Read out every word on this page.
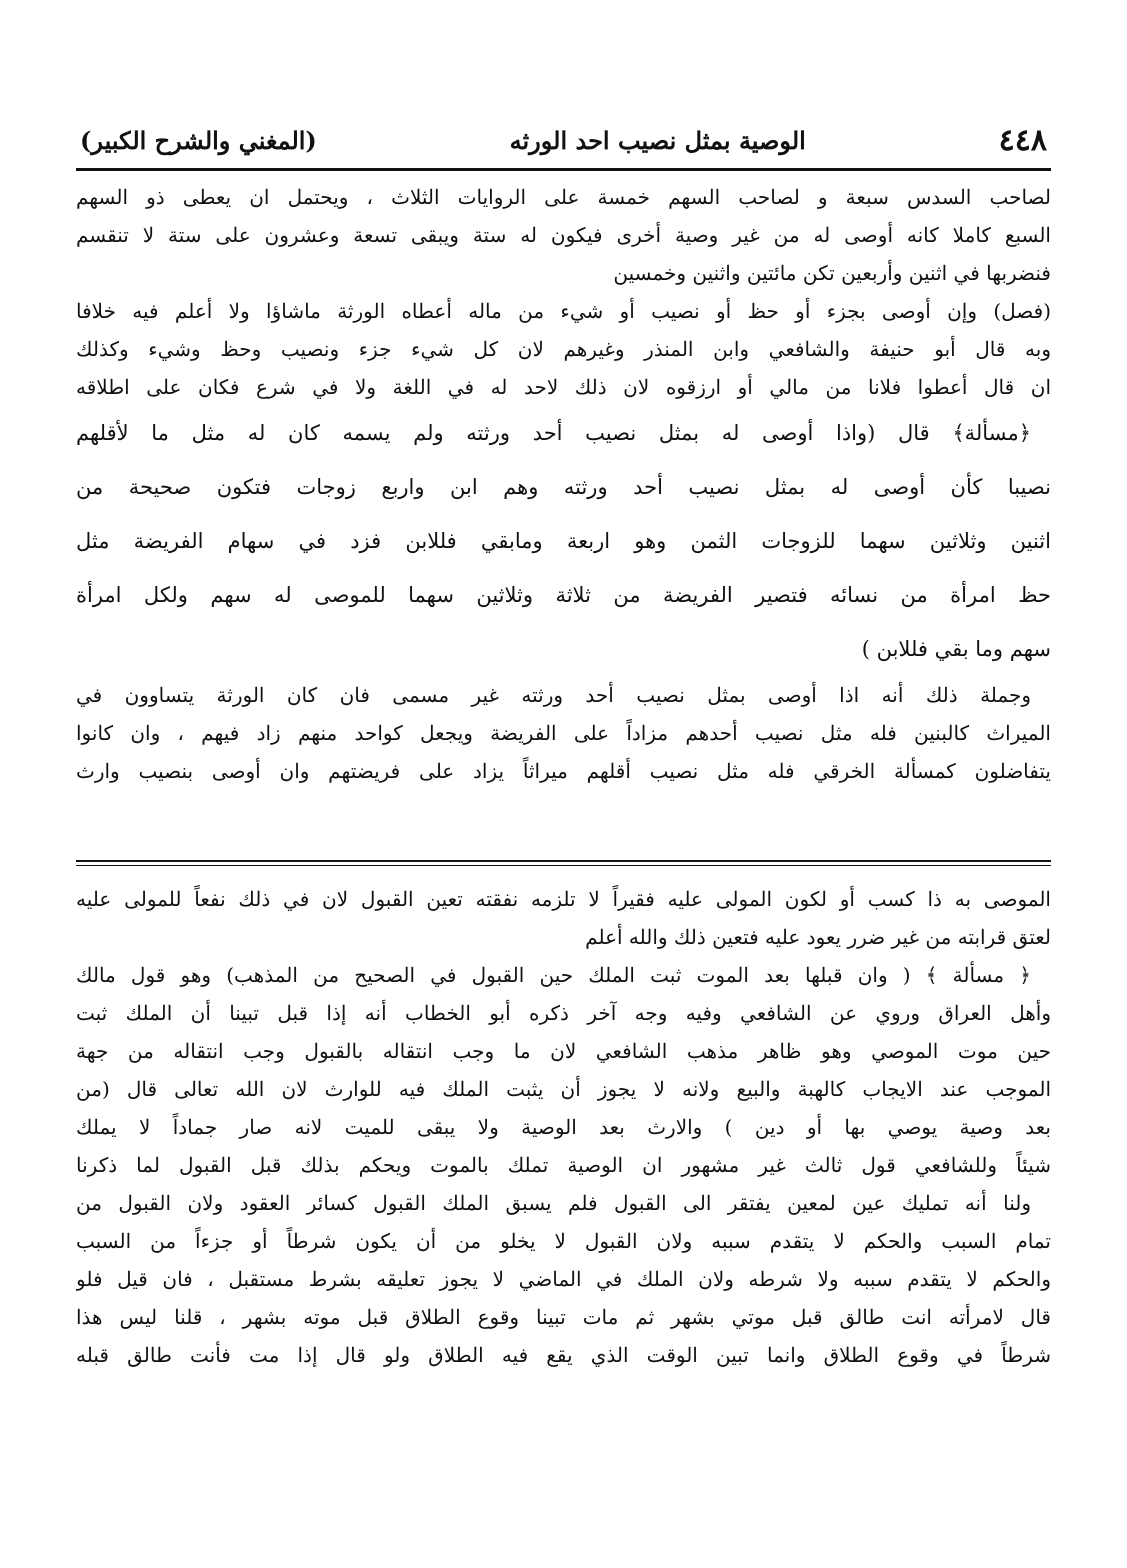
٤٤٨
الوصية بمثل نصيب احد الورثه
(المغني والشرح الكبير)
لصاحب السدس سبعة و لصاحب السهم خمسة على الروايات الثلاث ، ويحتمل ان يعطى ذو السهم
السبع كاملا كانه أوصى له من غير وصية أخرى فيكون له ستة ويبقى تسعة وعشرون على ستة لا تنقسم
فنضربها في اثنين وأربعين تكن مائتين واثنين وخمسين
(فصل) وإن أوصى بجزء أو حظ أو نصيب أو شيء من ماله أعطاه الورثة ماشاؤا ولا أعلم فيه خلافا
وبه قال أبو حنيفة والشافعي وابن المنذر وغيرهم لان كل شيء جزء ونصيب وحظ وشيء وكذلك
ان قال أعطوا فلانا من مالي أو ارزقوه لان ذلك لاحد له في اللغة ولا في شرع فكان على اطلاقه
﴿مسألة﴾ قال (واذا أوصى له بمثل نصيب أحد ورثته ولم يسمه كان له مثل ما لأقلهم
نصيبا كأن أوصى له بمثل نصيب أحد ورثته وهم ابن واربع زوجات فتكون صحيحة من
اثنين وثلاثين سهما للزوجات الثمن وهو اربعة ومابقي فللابن فزد في سهام الفريضة مثل
حظ امرأة من نسائه فتصير الفريضة من ثلاثة وثلاثين سهما للموصى له سهم ولكل امرأة
سهم وما بقي فللابن )
وجملة ذلك أنه اذا أوصى بمثل نصيب أحد ورثته غير مسمى فان كان الورثة يتساوون في
الميراث كالبنين فله مثل نصيب أحدهم مزاداً على الفريضة ويجعل كواحد منهم زاد فيهم ، وان كانوا
يتفاضلون كمسألة الخرقي فله مثل نصيب أقلهم ميراثاً يزاد على فريضتهم وان أوصى بنصيب وارث
الموصى به ذا كسب أو لكون المولى عليه فقيراً لا تلزمه نفقته تعين القبول لان في ذلك نفعاً للمولى عليه
لعتق قرابته من غير ضرر يعود عليه فتعين ذلك والله أعلم
﴿ مسألة ﴾ ( وان قبلها بعد الموت ثبت الملك حين القبول في الصحيح من المذهب) وهو قول مالك
وأهل العراق وروي عن الشافعي وفيه وجه آخر ذكره أبو الخطاب أنه إذا قبل تبينا أن الملك ثبت
حين موت الموصي وهو ظاهر مذهب الشافعي لان ما وجب انتقاله بالقبول وجب انتقاله من جهة
الموجب عند الايجاب كالهبة والبيع ولانه لا يجوز أن يثبت الملك فيه للوارث لان الله تعالى قال (من
بعد وصية يوصي بها أو دين ) والارث بعد الوصية ولا يبقى للميت لانه صار جماداً لا يملك
شيئاً وللشافعي قول ثالث غير مشهور ان الوصية تملك بالموت ويحكم بذلك قبل القبول لما ذكرنا
ولنا أنه تمليك عين لمعين يفتقر الى القبول فلم يسبق الملك القبول كسائر العقود ولان القبول من
تمام السبب والحكم لا يتقدم سببه ولان القبول لا يخلو من أن يكون شرطاً أو جزءاً من السبب
والحكم لا يتقدم سببه ولا شرطه ولان الملك في الماضي لا يجوز تعليقه بشرط مستقبل ، فان قيل فلو
قال لامرأته انت طالق قبل موتي بشهر ثم مات تبينا وقوع الطلاق قبل موته بشهر ، قلنا ليس هذا
شرطاً في وقوع الطلاق وانما تبين الوقت الذي يقع فيه الطلاق ولو قال إذا مت فأنت طالق قبله
